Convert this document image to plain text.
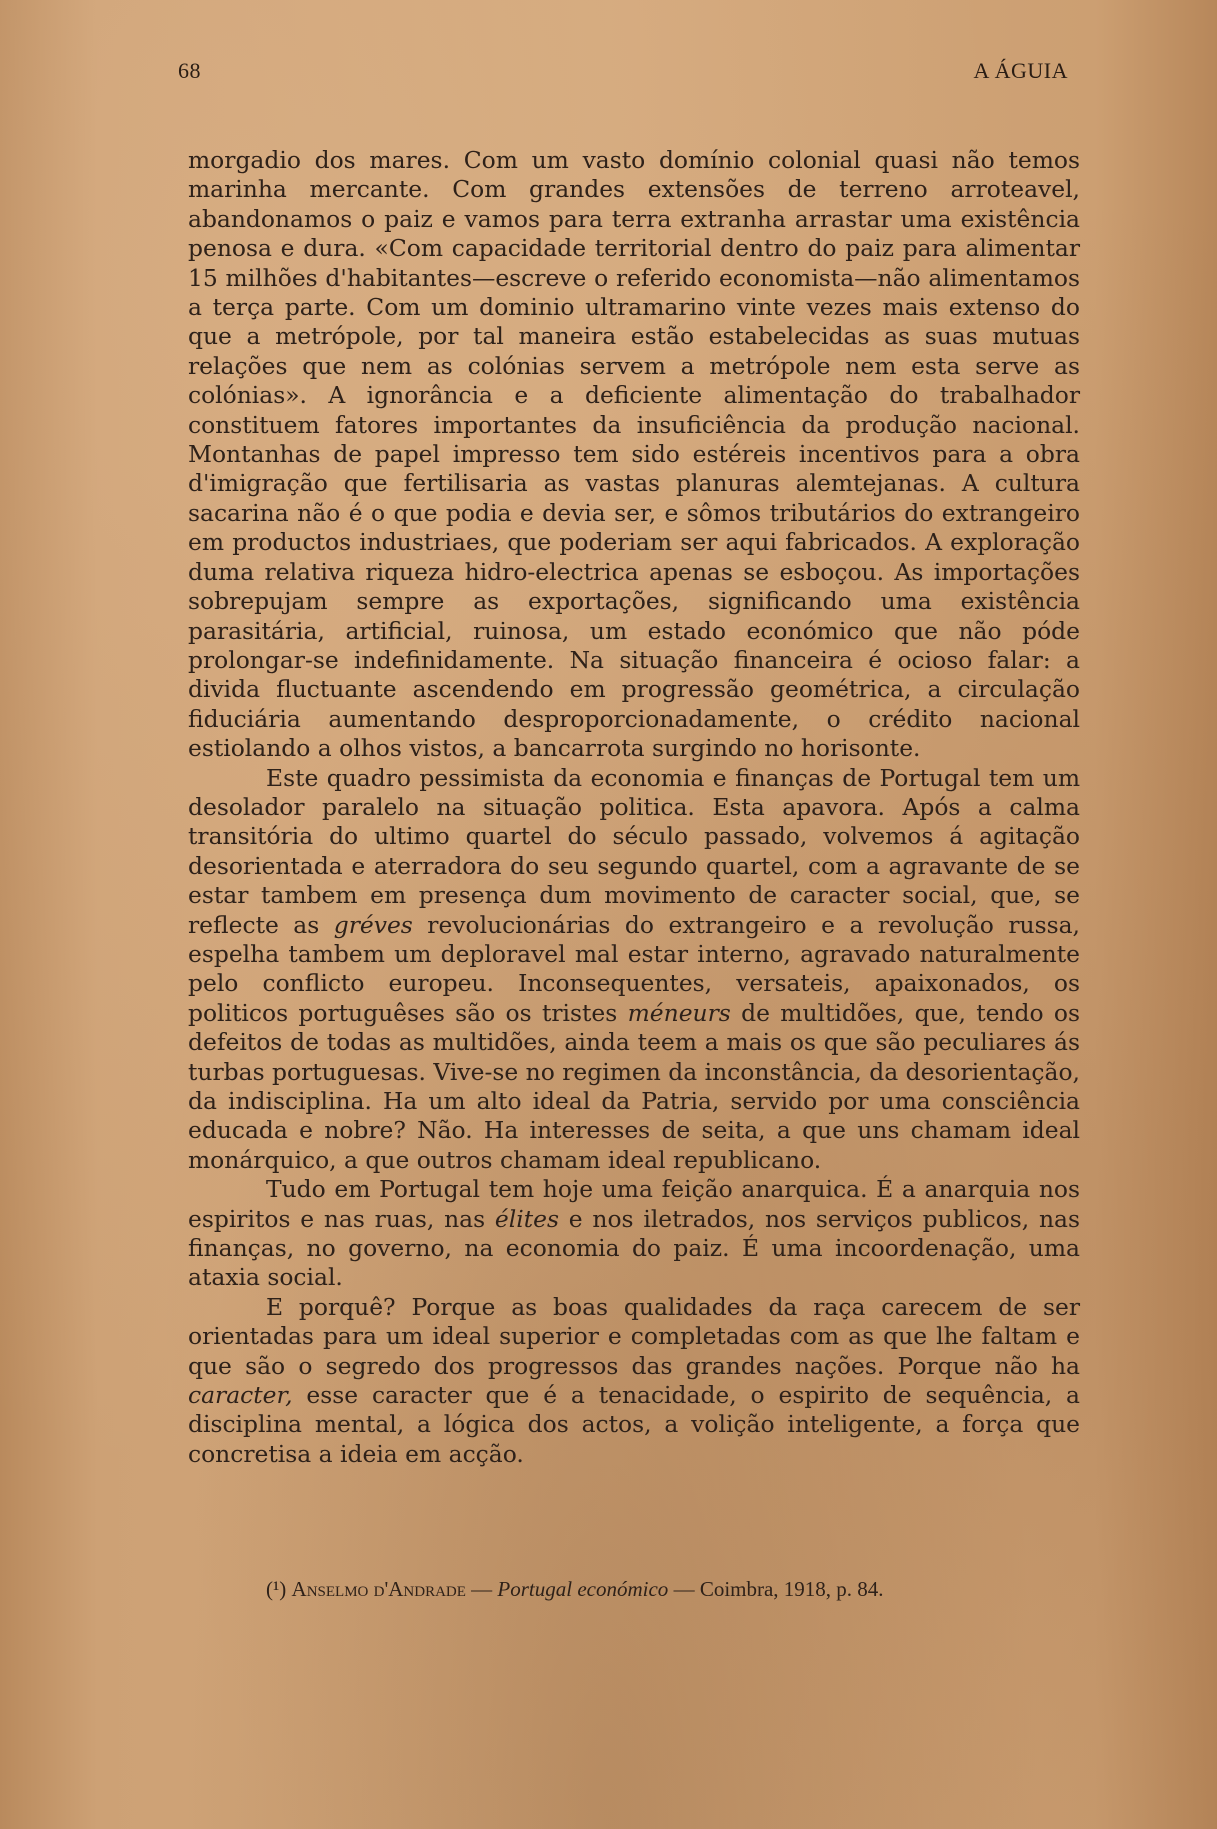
68	A ÁGUIA

morgadio dos mares. Com um vasto domínio colonial quasi não temos marinha mercante. Com grandes extensões de terreno arroteavel, abandonamos o paiz e vamos para terra extranha arrastar uma existência penosa e dura. «Com capacidade territorial dentro do paiz para alimentar 15 milhões d'habitantes—escreve o referido economista—não alimentamos a terça parte. Com um dominio ultramarino vinte vezes mais extenso do que a metrópole, por tal maneira estão estabelecidas as suas mutuas relações que nem as colónias servem a metrópole nem esta serve as colónias». A ignorância e a deficiente alimentação do trabalhador constituem fatores importantes da insuficiência da produção nacional. Montanhas de papel impresso tem sido estéreis incentivos para a obra d'imigração que fertilisaria as vastas planuras alemtejanas. A cultura sacarina não é o que podia e devia ser, e sômos tributários do extrangeiro em productos industriaes, que poderiam ser aqui fabricados. A exploração duma relativa riqueza hidro-electrica apenas se esboçou. As importações sobrepujam sempre as exportações, significando uma existência parasitária, artificial, ruinosa, um estado económico que não póde prolongar-se indefinidamente. Na situação financeira é ocioso falar: a divida fluctuante ascendendo em progressão geométrica, a circulação fiduciária aumentando desproporcionadamente, o crédito nacional estiolando a olhos vistos, a bancarrota surgindo no horisonte.

Este quadro pessimista da economia e finanças de Portugal tem um desolador paralelo na situação politica. Esta apavora. Após a calma transitória do ultimo quartel do século passado, volvemos á agitação desorientada e aterradora do seu segundo quartel, com a agravante de se estar tambem em presença dum movimento de caracter social, que, se reflecte as gréves revolucionárias do extrangeiro e a revolução russa, espelha tambem um deploravel mal estar interno, agravado naturalmente pelo conflicto europeu. Inconsequentes, versateis, apaixonados, os politicos portuguêses são os tristes méneurs de multidões, que, tendo os defeitos de todas as multidões, ainda teem a mais os que são peculiares ás turbas portuguesas. Vive-se no regimen da inconstância, da desorientação, da indisciplina. Ha um alto ideal da Patria, servido por uma consciência educada e nobre? Não. Ha interesses de seita, a que uns chamam ideal monárquico, a que outros chamam ideal republicano.

Tudo em Portugal tem hoje uma feição anarquica. É a anarquia nos espiritos e nas ruas, nas élites e nos iletrados, nos serviços publicos, nas finanças, no governo, na economia do paiz. É uma incoordenação, uma ataxia social.

E porquê? Porque as boas qualidades da raça carecem de ser orientadas para um ideal superior e completadas com as que lhe faltam e que são o segredo dos progressos das grandes nações. Porque não ha caracter, esse caracter que é a tenacidade, o espirito de sequência, a disciplina mental, a lógica dos actos, a volição inteligente, a força que concretisa a ideia em acção.

(¹) Anselmo d'Andrade — Portugal económico — Coimbra, 1918, p. 84.
